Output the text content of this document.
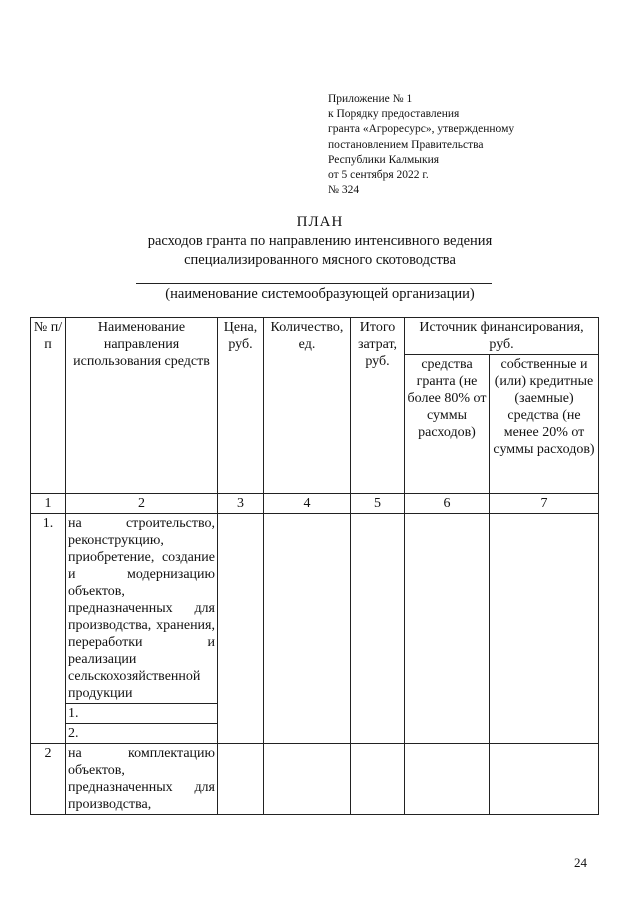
Приложение № 1
к Порядку предоставления
гранта «Агроресурс», утвержденному
постановлением Правительства
Республики Калмыкия
от 5 сентября 2022 г.
№ 324
ПЛАН
расходов гранта по направлению интенсивного ведения
специализированного мясного скотоводства
(наименование системообразующей организации)
№ п/п	Наименование направления использования средств	Цена, руб.	Количество, ед.	Итого затрат, руб.	Источник финансирования, руб.	
					средства гранта (не более 80% от суммы расходов)	собственные и (или) кредитные (заемные) средства (не менее 20% от суммы расходов)
1	2	3	4	5	6	7
1.	на строительство, реконструкцию, приобретение, создание и модернизацию объектов, предназначенных для производства, хранения, переработки и реализации сельскохозяйственной продукции					
	1.					
	2.					
2	на комплектацию объектов, предназначенных для производства,					
24
